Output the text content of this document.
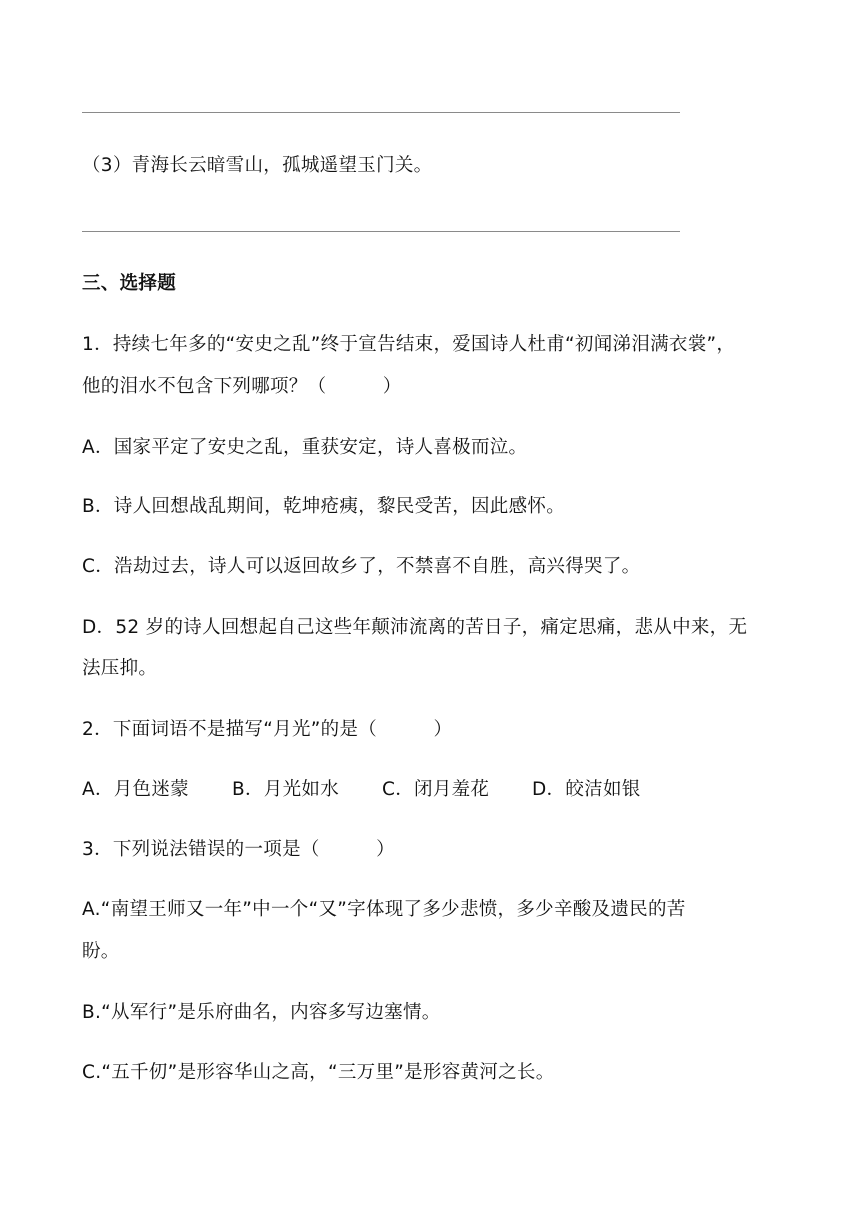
（3）青海长云暗雪山，孤城遥望玉门关。
三、选择题
1．持续七年多的“安史之乱”终于宣告结束，爱国诗人杜甫“初闻涕泪满衣裳”，
他的泪水不包含下列哪项？（　　　）
A．国家平定了安史之乱，重获安定，诗人喜极而泣。
B．诗人回想战乱期间，乾坤疮痍，黎民受苦，因此感怀。
C．浩劫过去，诗人可以返回故乡了，不禁喜不自胜，高兴得哭了。
D．52 岁的诗人回想起自己这些年颠沛流离的苦日子，痛定思痛，悲从中来，无
法压抑。
2．下面词语不是描写“月光”的是（　　　）
A．月色迷蒙 B．月光如水 C．闭月羞花 D．皎洁如银
3．下列说法错误的一项是（　　　）
A.“南望王师又一年”中一个“又”字体现了多少悲愤，多少辛酸及遗民的苦
盼。
B.“从军行”是乐府曲名，内容多写边塞情。
C.“五千仞”是形容华山之高，“三万里”是形容黄河之长。
